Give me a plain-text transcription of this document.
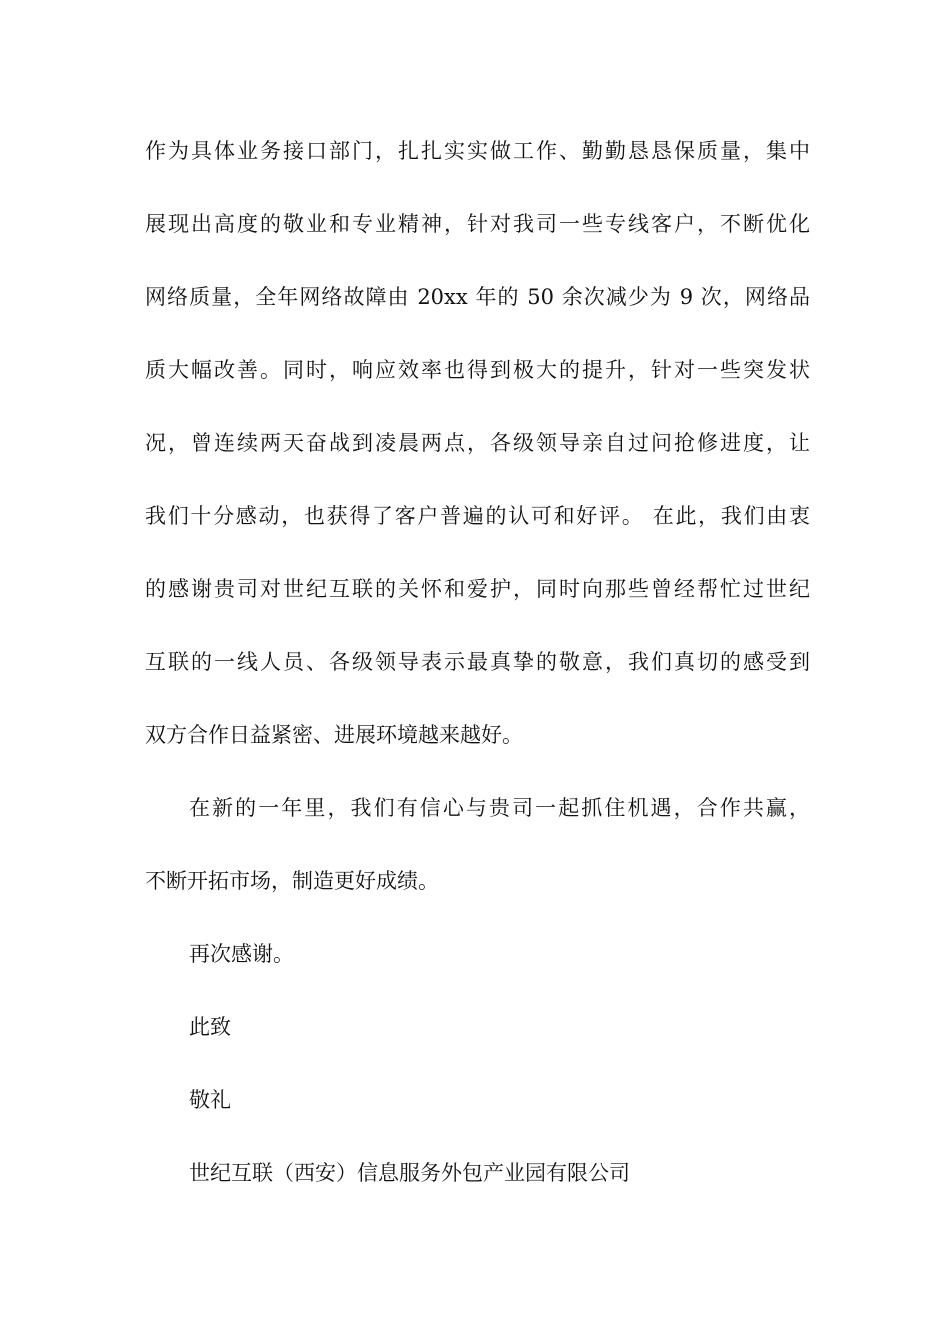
作为具体业务接口部门，扎扎实实做工作、勤勤恳恳保质量，集中
展现出高度的敬业和专业精神，针对我司一些专线客户，不断优化
网络质量，全年网络故障由 20xx 年的 50 余次减少为 9 次，网络品
质大幅改善。同时，响应效率也得到极大的提升，针对一些突发状
况，曾连续两天奋战到凌晨两点，各级领导亲自过问抢修进度，让
我们十分感动，也获得了客户普遍的认可和好评。 在此，我们由衷
的感谢贵司对世纪互联的关怀和爱护，同时向那些曾经帮忙过世纪
互联的一线人员、各级领导表示最真挚的敬意，我们真切的感受到
双方合作日益紧密、进展环境越来越好。
在新的一年里，我们有信心与贵司一起抓住机遇，合作共赢，
不断开拓市场，制造更好成绩。
再次感谢。
此致
敬礼
世纪互联（西安）信息服务外包产业园有限公司
